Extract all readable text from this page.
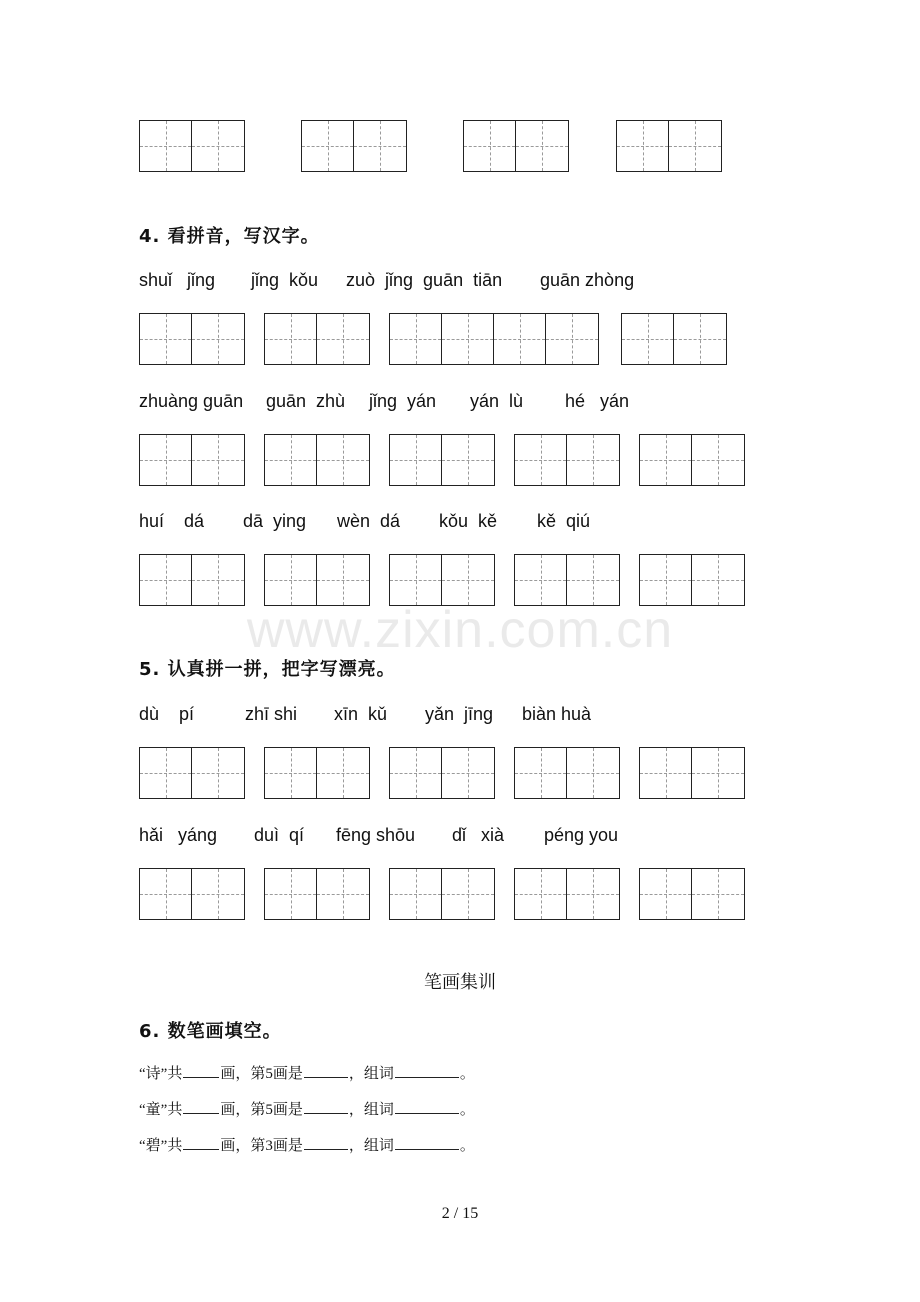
4. 看拼音，写汉字。
shuǐ   jǐng jǐng  kǒu zuò  jǐng  guān  tiān guān zhòng
zhuàng guān guān  zhù jǐng  yán yán  lù hé   yán
huí    dá dā  ying wèn  dá kǒu  kě kě  qiú
www.zixin.com.cn
5. 认真拼一拼，把字写漂亮。
dù    pí	zhī shi xīn  kǔ yǎn  jīng biàn huà
hǎi   yáng duì  qí fēng shōu dǐ   xià péng you
笔画集训
6. 数笔画填空。
“诗”共	画，第5画是	，组词	。
“童”共	画，第5画是	，组词	。
“碧”共	画，第3画是	，组词	。
2 / 15
